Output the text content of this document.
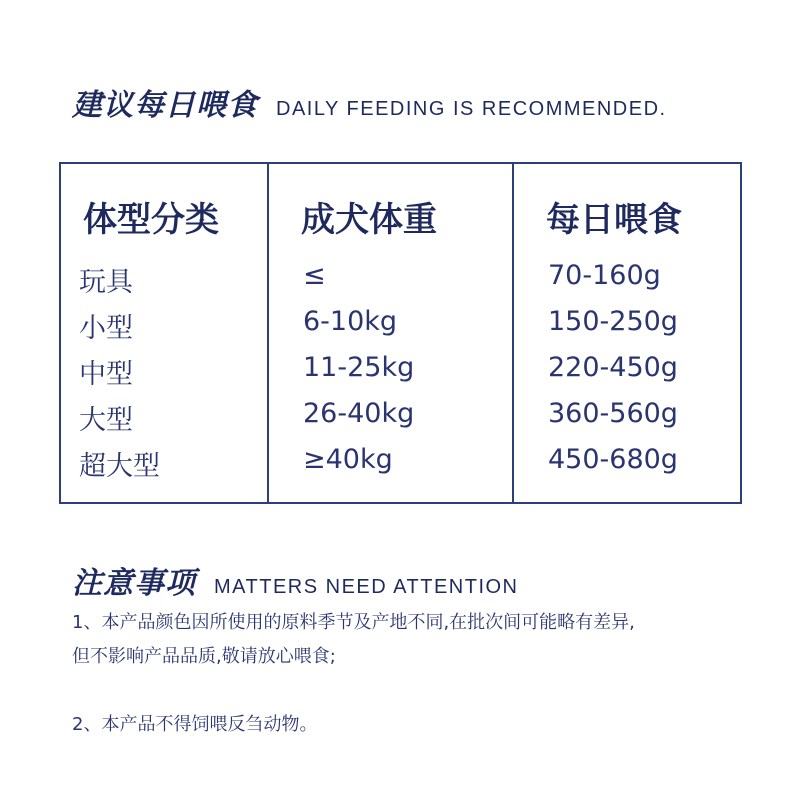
建议每日喂食 DAILY FEEDING IS RECOMMENDED.
体型分类
玩具
小型
中型
大型
超大型
成犬体重
≤
6-10kg
11-25kg
26-40kg
≥40kg
每日喂食
70-160g
150-250g
220-450g
360-560g
450-680g
注意事项 MATTERS NEED ATTENTION
1、本产品颜色因所使用的原料季节及产地不同,在批次间可能略有差异,
但不影响产品品质,敬请放心喂食;
2、本产品不得饲喂反刍动物。
